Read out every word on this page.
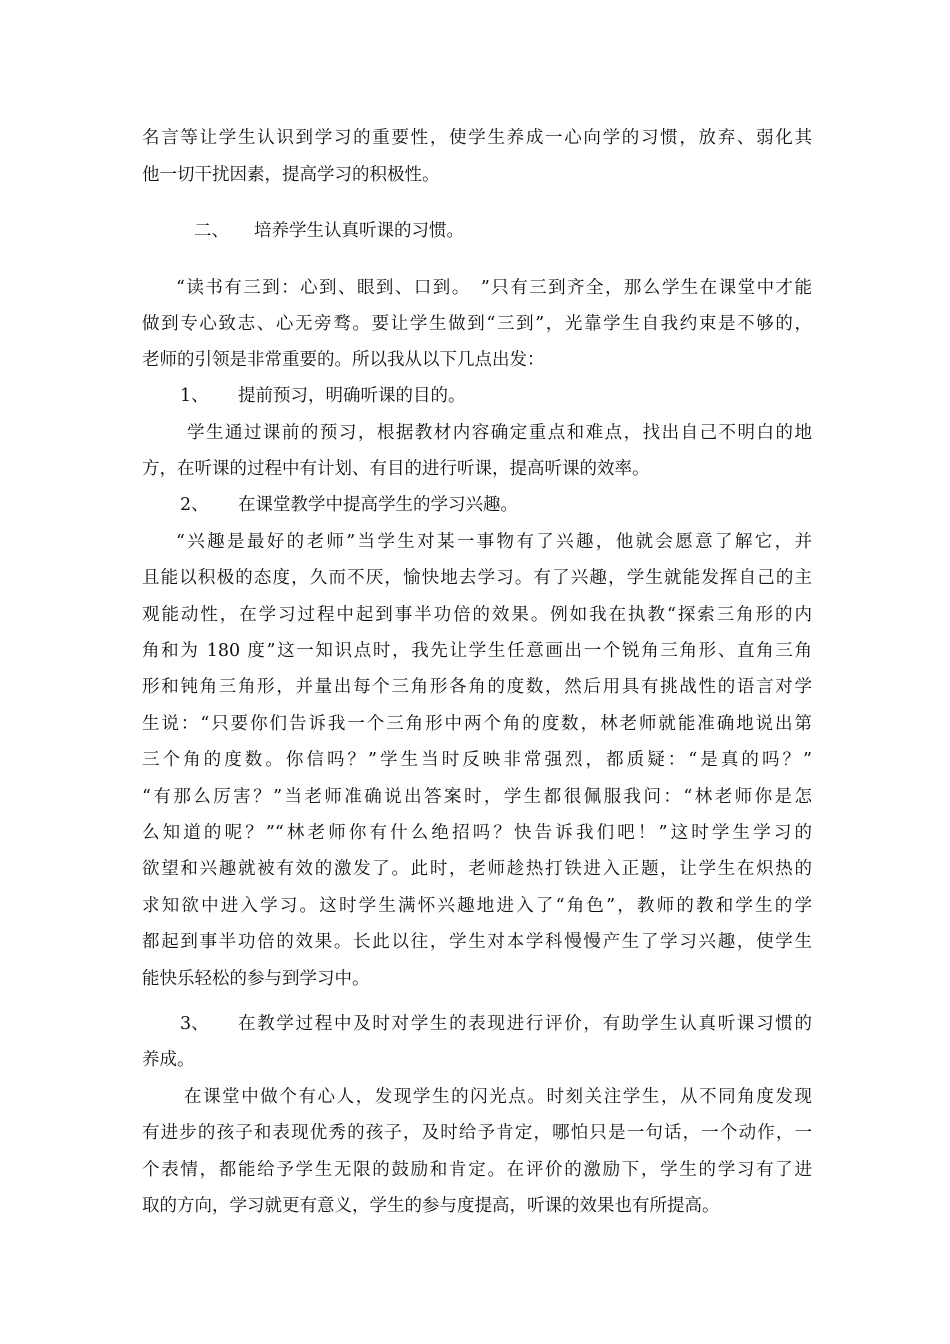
名言等让学生认识到学习的重要性，使学生养成一心向学的习惯，放弃、弱化其
他一切干扰因素，提高学习的积极性。
二、 培养学生认真听课的习惯。
“读书有三到：心到、眼到、口到。　”只有三到齐全，那么学生在课堂中才能
做到专心致志、心无旁骛。要让学生做到“三到”，光靠学生自我约束是不够的，
老师的引领是非常重要的。所以我从以下几点出发：
1、 提前预习，明确听课的目的。
学生通过课前的预习，根据教材内容确定重点和难点，找出自己不明白的地
方，在听课的过程中有计划、有目的进行听课，提高听课的效率。
2、 在课堂教学中提高学生的学习兴趣。
“兴趣是最好的老师”当学生对某一事物有了兴趣，他就会愿意了解它，并
且能以积极的态度，久而不厌，愉快地去学习。有了兴趣，学生就能发挥自己的主
观能动性，在学习过程中起到事半功倍的效果。例如我在执教“探索三角形的内
角和为 180 度”这一知识点时，我先让学生任意画出一个锐角三角形、直角三角
形和钝角三角形，并量出每个三角形各角的度数，然后用具有挑战性的语言对学
生说：“只要你们告诉我一个三角形中两个角的度数，林老师就能准确地说出第
三个角的度数。你信吗？”学生当时反映非常强烈，都质疑：“是真的吗？”
“有那么厉害？”当老师准确说出答案时，学生都很佩服我问：“林老师你是怎
么知道的呢？”“林老师你有什么绝招吗？快告诉我们吧！”这时学生学习的
欲望和兴趣就被有效的激发了。此时，老师趁热打铁进入正题，让学生在炽热的
求知欲中进入学习。这时学生满怀兴趣地进入了“角色”，教师的教和学生的学
都起到事半功倍的效果。长此以往，学生对本学科慢慢产生了学习兴趣，使学生
能快乐轻松的参与到学习中。
3、 在教学过程中及时对学生的表现进行评价，有助学生认真听课习惯的
养成。
在课堂中做个有心人，发现学生的闪光点。时刻关注学生，从不同角度发现
有进步的孩子和表现优秀的孩子，及时给予肯定，哪怕只是一句话，一个动作，一
个表情，都能给予学生无限的鼓励和肯定。在评价的激励下，学生的学习有了进
取的方向，学习就更有意义，学生的参与度提高，听课的效果也有所提高。
